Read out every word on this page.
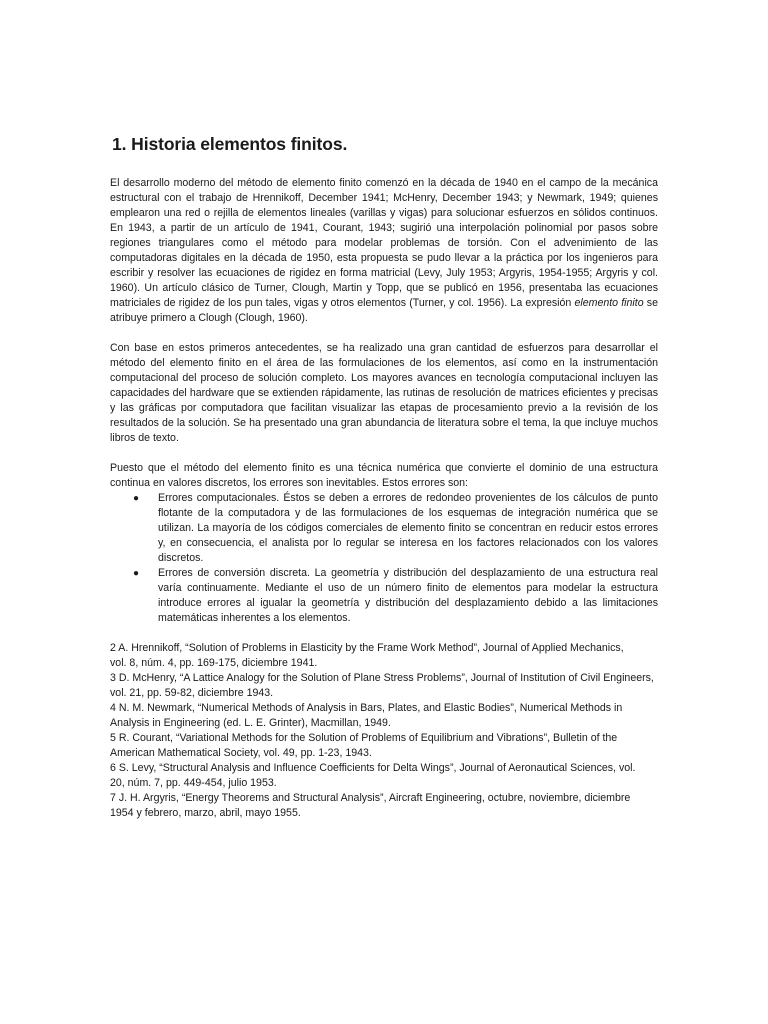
1. Historia elementos finitos.

El desarrollo moderno del método de elemento finito comenzó en la década de 1940 en el campo de la mecánica estructural con el trabajo de Hrennikoff, December 1941; McHenry, December 1943; y Newmark, 1949; quienes emplearon una red o rejilla de elementos lineales (varillas y vigas) para solucionar esfuerzos en sólidos continuos. En 1943, a partir de un artículo de 1941, Courant, 1943; sugirió una interpolación polinomial por pasos sobre regiones triangulares como el método para modelar problemas de torsión. Con el advenimiento de las computadoras digitales en la década de 1950, esta propuesta se pudo llevar a la práctica por los ingenieros para escribir y resolver las ecuaciones de rigidez en forma matricial (Levy, July 1953; Argyris, 1954-1955; Argyris y col. 1960). Un artículo clásico de Turner, Clough, Martin y Topp, que se publicó en 1956, presentaba las ecuaciones matriciales de rigidez de los pun tales, vigas y otros elementos (Turner, y col. 1956). La expresión elemento finito se atribuye primero a Clough (Clough, 1960).

Con base en estos primeros antecedentes, se ha realizado una gran cantidad de esfuerzos para desarrollar el método del elemento finito en el área de las formulaciones de los elementos, así como en la instrumentación computacional del proceso de solución completo. Los mayores avances en tecnología computacional incluyen las capacidades del hardware que se extienden rápidamente, las rutinas de resolución de matrices eficientes y precisas y las gráficas por computadora que facilitan visualizar las etapas de procesamiento previo a la revisión de los resultados de la solución. Se ha presentado una gran abundancia de literatura sobre el tema, la que incluye muchos libros de texto.

Puesto que el método del elemento finito es una técnica numérica que convierte el dominio de una estructura continua en valores discretos, los errores son inevitables. Estos errores son:

● Errores computacionales. Éstos se deben a errores de redondeo provenientes de los cálculos de punto flotante de la computadora y de las formulaciones de los esquemas de integración numérica que se utilizan. La mayoría de los códigos comerciales de elemento finito se concentran en reducir estos errores y, en consecuencia, el analista por lo regular se interesa en los factores relacionados con los valores discretos.
● Errores de conversión discreta. La geometría y distribución del desplazamiento de una estructura real varía continuamente. Mediante el uso de un número finito de elementos para modelar la estructura introduce errores al igualar la geometría y distribución del desplazamiento debido a las limitaciones matemáticas inherentes a los elementos.

2 A. Hrennikoff, “Solution of Problems in Elasticity by the Frame Work Method”, Journal of Applied Mechanics,

vol. 8, núm. 4, pp. 169-175, diciembre 1941.

3 D. McHenry, “A Lattice Analogy for the Solution of Plane Stress Problems”, Journal of Institution of Civil Engineers,

vol. 21, pp. 59-82, diciembre 1943.

4 N. M. Newmark, “Numerical Methods of Analysis in Bars, Plates, and Elastic Bodies”, Numerical Methods in

Analysis in Engineering (ed. L. E. Grinter), Macmillan, 1949.

5 R. Courant, “Variational Methods for the Solution of Problems of Equilibrium and Vibrations”, Bulletin of the

American Mathematical Society, vol. 49, pp. 1-23, 1943.

6 S. Levy, “Structural Analysis and Influence Coefficients for Delta Wings”, Journal of Aeronautical Sciences, vol.

20, núm. 7, pp. 449-454, julio 1953.

7 J. H. Argyris, “Energy Theorems and Structural Analysis”, Aircraft Engineering, octubre, noviembre, diciembre

1954 y febrero, marzo, abril, mayo 1955.
